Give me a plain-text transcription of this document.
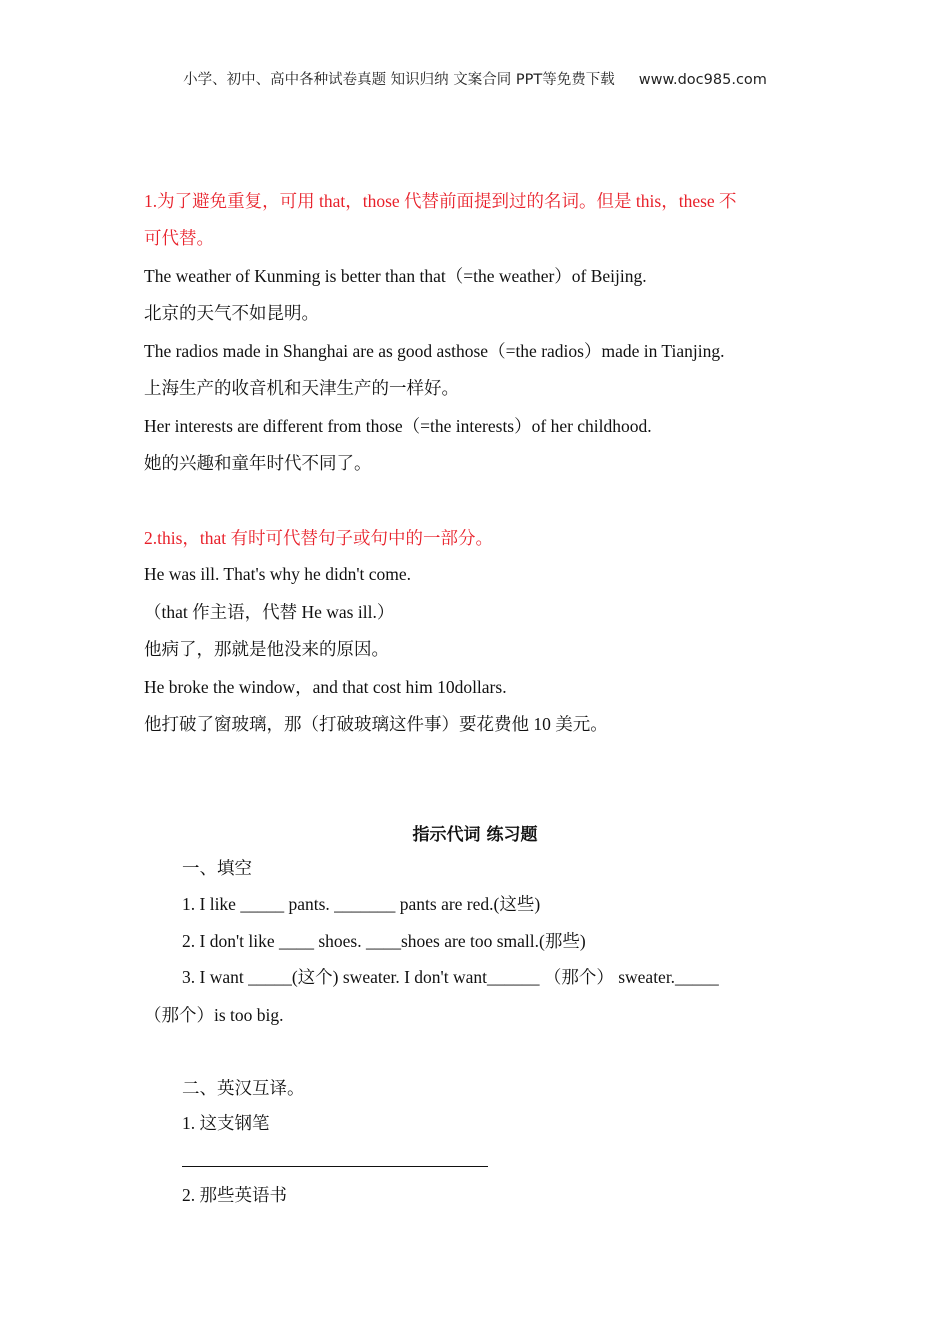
小学、初中、高中各种试卷真题 知识归纳 文案合同 PPT等免费下载 www.doc985.com
1.为了避免重复，可用 that，those 代替前面提到过的名词。但是 this，these 不
可代替。
The weather of Kunming is better than that（=the weather）of Beijing.
北京的天气不如昆明。
The radios made in Shanghai are as good asthose（=the radios）made in Tianjing.
上海生产的收音机和天津生产的一样好。
Her interests are different from those（=the interests）of her childhood.
她的兴趣和童年时代不同了。
2.this，that 有时可代替句子或句中的一部分。
He was ill. That's why he didn't come.
（that 作主语，代替 He was ill.）
他病了，那就是他没来的原因。
He broke the window，and that cost him 10dollars.
他打破了窗玻璃，那（打破玻璃这件事）要花费他 10 美元。
指示代词 练习题
一、填空
1. I like _____ pants. _______ pants are red.(这些)
2. I don't like ____ shoes. ____shoes are too small.(那些)
3. I want _____(这个) sweater. I don't want______ （那个） sweater._____
（那个）is too big.
二、英汉互译。
1. 这支钢笔
2. 那些英语书
